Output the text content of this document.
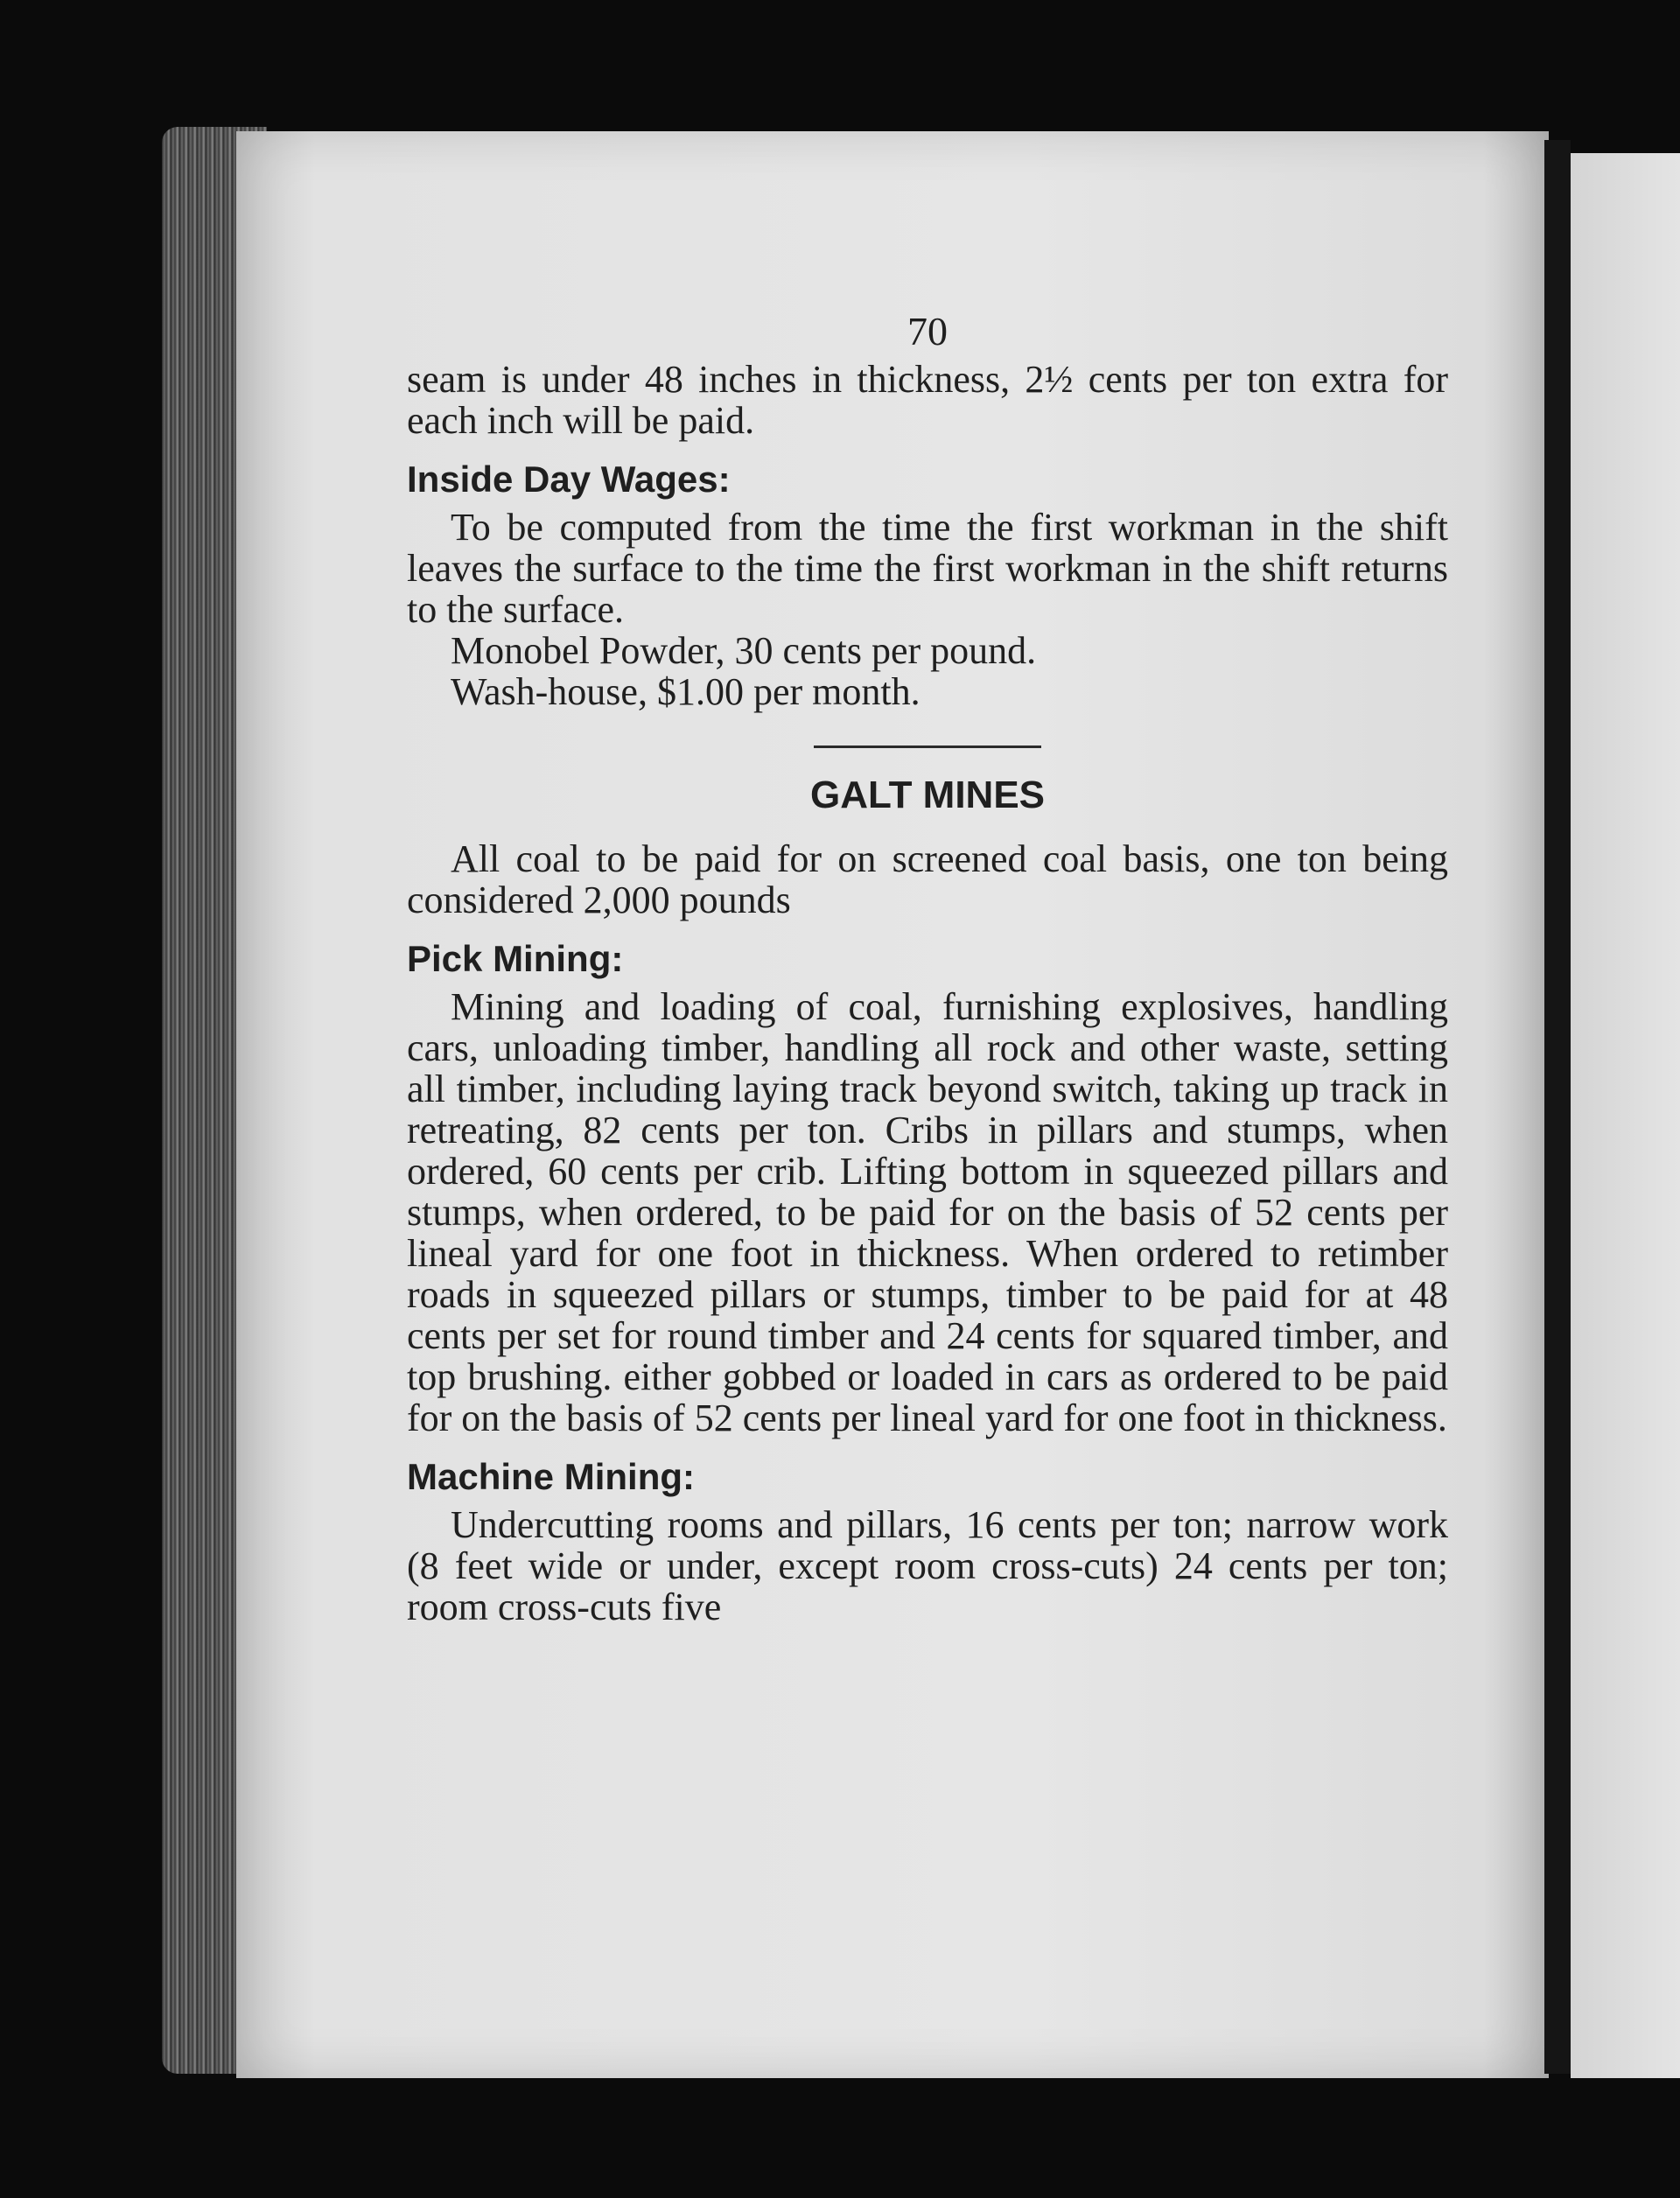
70

seam is under 48 inches in thickness, 2½ cents per ton extra for each inch will be paid.

Inside Day Wages:

To be computed from the time the first workman in the shift leaves the surface to the time the first workman in the shift returns to the surface.

Monobel Powder, 30 cents per pound.

Wash-house, $1.00 per month.

GALT MINES

All coal to be paid for on screened coal basis, one ton being considered 2,000 pounds

Pick Mining:

Mining and loading of coal, furnishing explosives, handling cars, unloading timber, handling all rock and other waste, setting all timber, including laying track beyond switch, taking up track in retreating, 82 cents per ton. Cribs in pillars and stumps, when ordered, 60 cents per crib. Lifting bottom in squeezed pillars and stumps, when ordered, to be paid for on the basis of 52 cents per lineal yard for one foot in thickness. When ordered to retimber roads in squeezed pillars or stumps, timber to be paid for at 48 cents per set for round timber and 24 cents for squared timber, and top brushing. either gobbed or loaded in cars as ordered to be paid for on the basis of 52 cents per lineal yard for one foot in thickness.

Machine Mining:

Undercutting rooms and pillars, 16 cents per ton; narrow work (8 feet wide or under, except room cross-cuts) 24 cents per ton; room cross-cuts five
